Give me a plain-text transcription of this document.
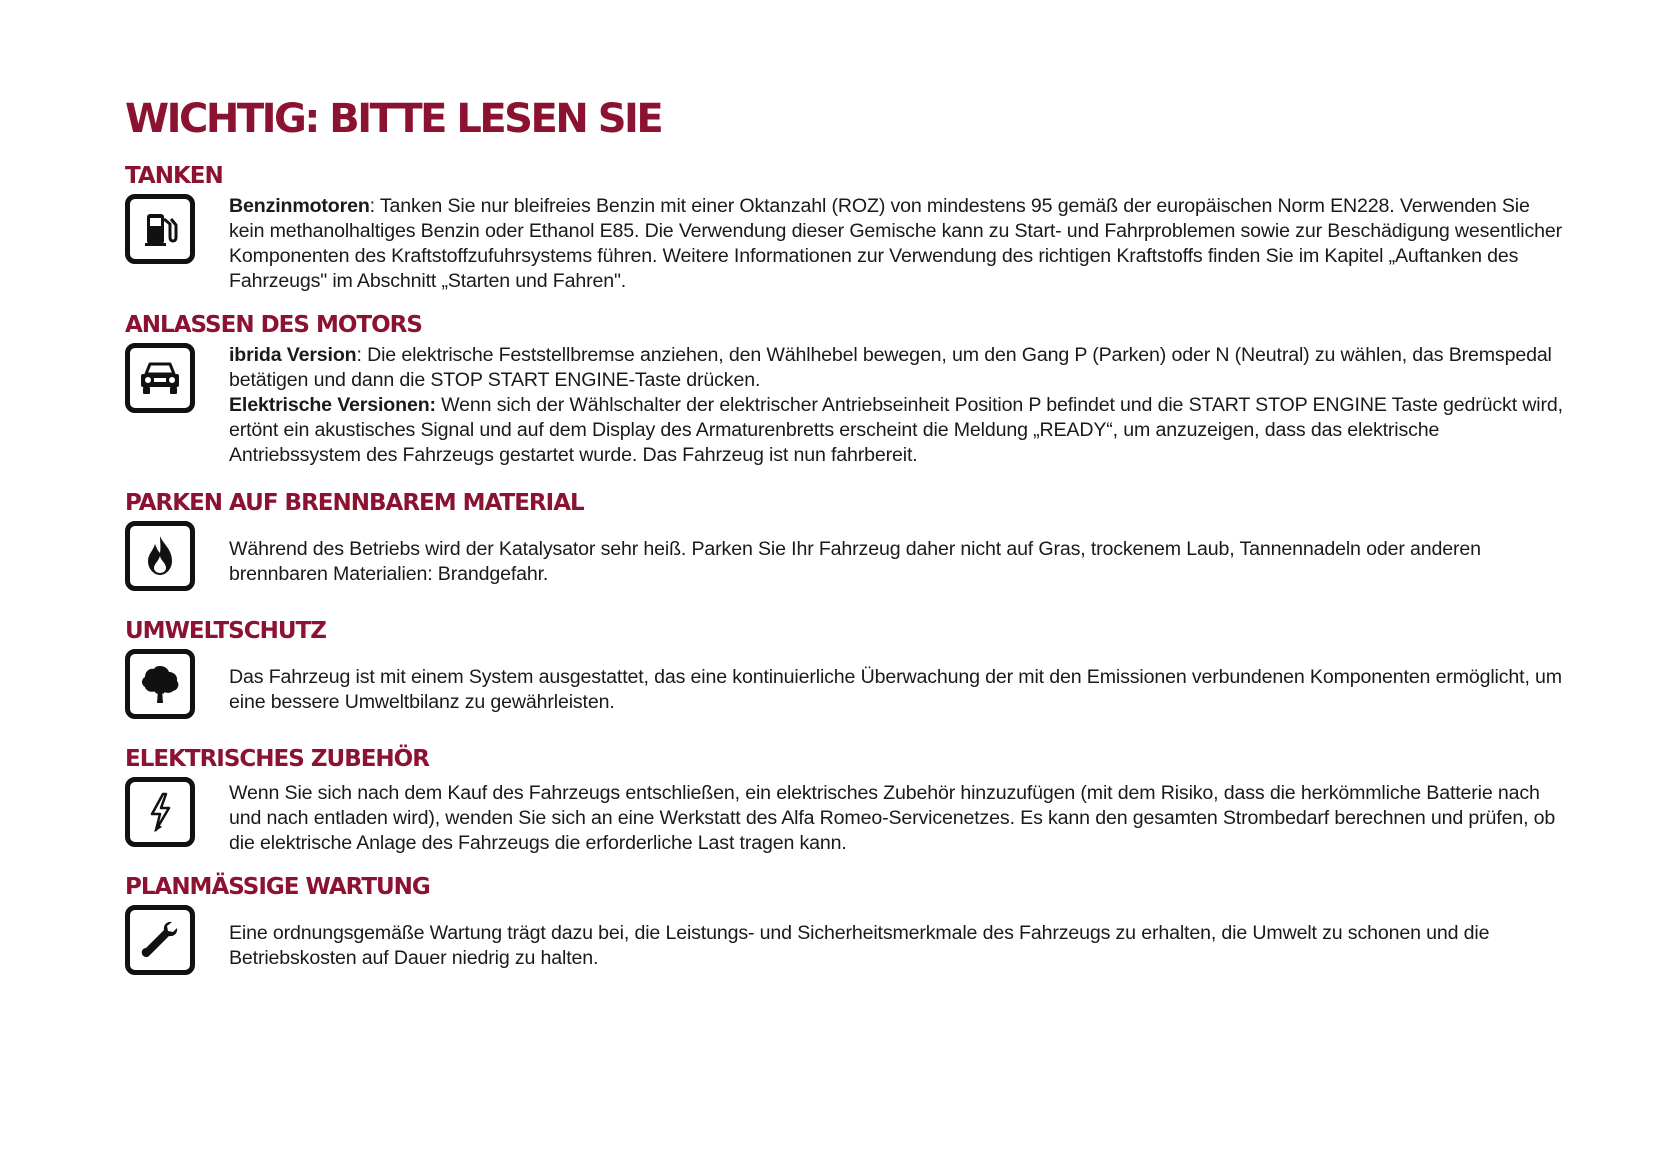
WICHTIG: BITTE LESEN SIE
TANKEN

Benzinmotoren: Tanken Sie nur bleifreies Benzin mit einer Oktanzahl (ROZ) von mindestens 95 gemäß der europäischen Norm EN228. Verwenden Sie kein methanolhaltiges Benzin oder Ethanol E85. Die Verwendung dieser Gemische kann zu Start- und Fahrproblemen sowie zur Beschädigung wesentlicher Komponenten des Kraftstoffzufuhrsystems führen. Weitere Informationen zur Verwendung des richtigen Kraftstoffs finden Sie im Kapitel „Auftanken des Fahrzeugs" im Abschnitt „Starten und Fahren".

ANLASSEN DES MOTORS

ibrida Version: Die elektrische Feststellbremse anziehen, den Wählhebel bewegen, um den Gang P (Parken) oder N (Neutral) zu wählen, das Bremspedal betätigen und dann die STOP START ENGINE-Taste drücken.

Elektrische Versionen: Wenn sich der Wählschalter der elektrischer Antriebseinheit Position P befindet und die START STOP ENGINE Taste gedrückt wird, ertönt ein akustisches Signal und auf dem Display des Armaturenbretts erscheint die Meldung „READY“, um anzuzeigen, dass das elektrische Antriebssystem des Fahrzeugs gestartet wurde. Das Fahrzeug ist nun fahrbereit.

PARKEN AUF BRENNBAREM MATERIAL

Während des Betriebs wird der Katalysator sehr heiß. Parken Sie Ihr Fahrzeug daher nicht auf Gras, trockenem Laub, Tannennadeln oder anderen brennbaren Materialien: Brandgefahr.

UMWELTSCHUTZ

Das Fahrzeug ist mit einem System ausgestattet, das eine kontinuierliche Überwachung der mit den Emissionen verbundenen Komponenten ermöglicht, um eine bessere Umweltbilanz zu gewährleisten.

ELEKTRISCHES ZUBEHÖR

Wenn Sie sich nach dem Kauf des Fahrzeugs entschließen, ein elektrisches Zubehör hinzuzufügen (mit dem Risiko, dass die herkömmliche Batterie nach und nach entladen wird), wenden Sie sich an eine Werkstatt des Alfa Romeo-Servicenetzes. Es kann den gesamten Strombedarf berechnen und prüfen, ob die elektrische Anlage des Fahrzeugs die erforderliche Last tragen kann.

PLANMÄSSIGE WARTUNG

Eine ordnungsgemäße Wartung trägt dazu bei, die Leistungs- und Sicherheitsmerkmale des Fahrzeugs zu erhalten, die Umwelt zu schonen und die Betriebskosten auf Dauer niedrig zu halten.
